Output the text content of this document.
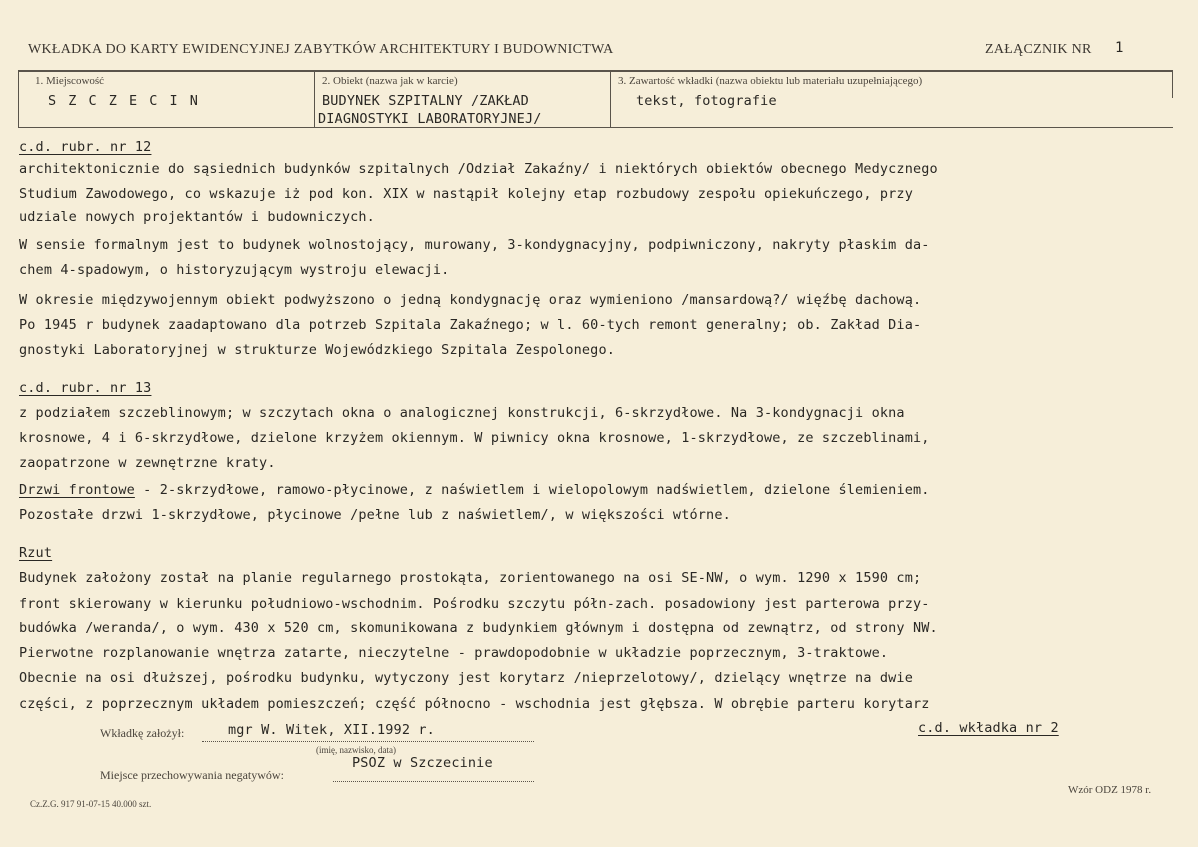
WKŁADKA DO KARTY EWIDENCYJNEJ ZABYTKÓW ARCHITEKTURY I BUDOWNICTWA	ZAŁĄCZNIK NR 1
1. Miejscowość
S Z C Z E C I N
2. Obiekt (nazwa jak w karcie)
BUDYNEK SZPITALNY /ZAKŁAD
DIAGNOSTYKI LABORATORYJNEJ/
3. Zawartość wkładki (nazwa obiektu lub materiału uzupełniającego)
tekst, fotografie
c.d. rubr. nr 12
architektonicznie do sąsiednich budynków szpitalnych /Odział Zakaźny/ i niektórych obiektów obecnego Medycznego
Studium Zawodowego, co wskazuje iż pod kon. XIX w nastąpił kolejny etap rozbudowy zespołu opiekuńczego, przy
udziale nowych projektantów i budowniczych.
W sensie formalnym jest to budynek wolnostojący, murowany, 3-kondygnacyjny, podpiwniczony, nakryty płaskim da-
chem 4-spadowym, o historyzującym wystroju elewacji.
W okresie międzywojennym obiekt podwyższono o jedną kondygnację oraz wymieniono /mansardową?/ więźbę dachową.
Po 1945 r budynek zaadaptowano dla potrzeb Szpitala Zakaźnego; w l. 60-tych remont generalny; ob. Zakład Dia-
gnostyki Laboratoryjnej w strukturze Wojewódzkiego Szpitala Zespolonego.
c.d. rubr. nr 13
z podziałem szczeblinowym; w szczytach okna o analogicznej konstrukcji, 6-skrzydłowe. Na 3-kondygnacji okna
krosnowe, 4 i 6-skrzydłowe, dzielone krzyżem okiennym. W piwnicy okna krosnowe, 1-skrzydłowe, ze szczeblinami,
zaopatrzone w zewnętrzne kraty.
Drzwi frontowe - 2-skrzydłowe, ramowo-płycinowe, z naświetlem i wielopolowym nadświetlem, dzielone ślemieniem.
Pozostałe drzwi 1-skrzydłowe, płycinowe /pełne lub z naświetlem/, w większości wtórne.
Rzut
Budynek założony został na planie regularnego prostokąta, zorientowanego na osi SE-NW, o wym. 1290 x 1590 cm;
front skierowany w kierunku południowo-wschodnim. Pośrodku szczytu półn-zach. posadowiony jest parterowa przy-
budówka /weranda/, o wym. 430 x 520 cm, skomunikowana z budynkiem głównym i dostępna od zewnątrz, od strony NW.
Pierwotne rozplanowanie wnętrza zatarte, nieczytelne - prawdopodobnie w układzie poprzecznym, 3-traktowe.
Obecnie na osi dłuższej, pośrodku budynku, wytyczony jest korytarz /nieprzelotowy/, dzielący wnętrze na dwie
części, z poprzecznym układem pomieszczeń; część północno - wschodnia jest głębsza. W obrębie parteru korytarz
Wkładkę założył:	mgr W. Witek, XII.1992 r.
(imię, nazwisko, data)
c.d. wkładka nr 2
Miejsce przechowywania negatywów:
PSOZ w Szczecinie
Wzór ODZ 1978 r.
Cz.Z.G. 917 91-07-15 40.000 szt.
